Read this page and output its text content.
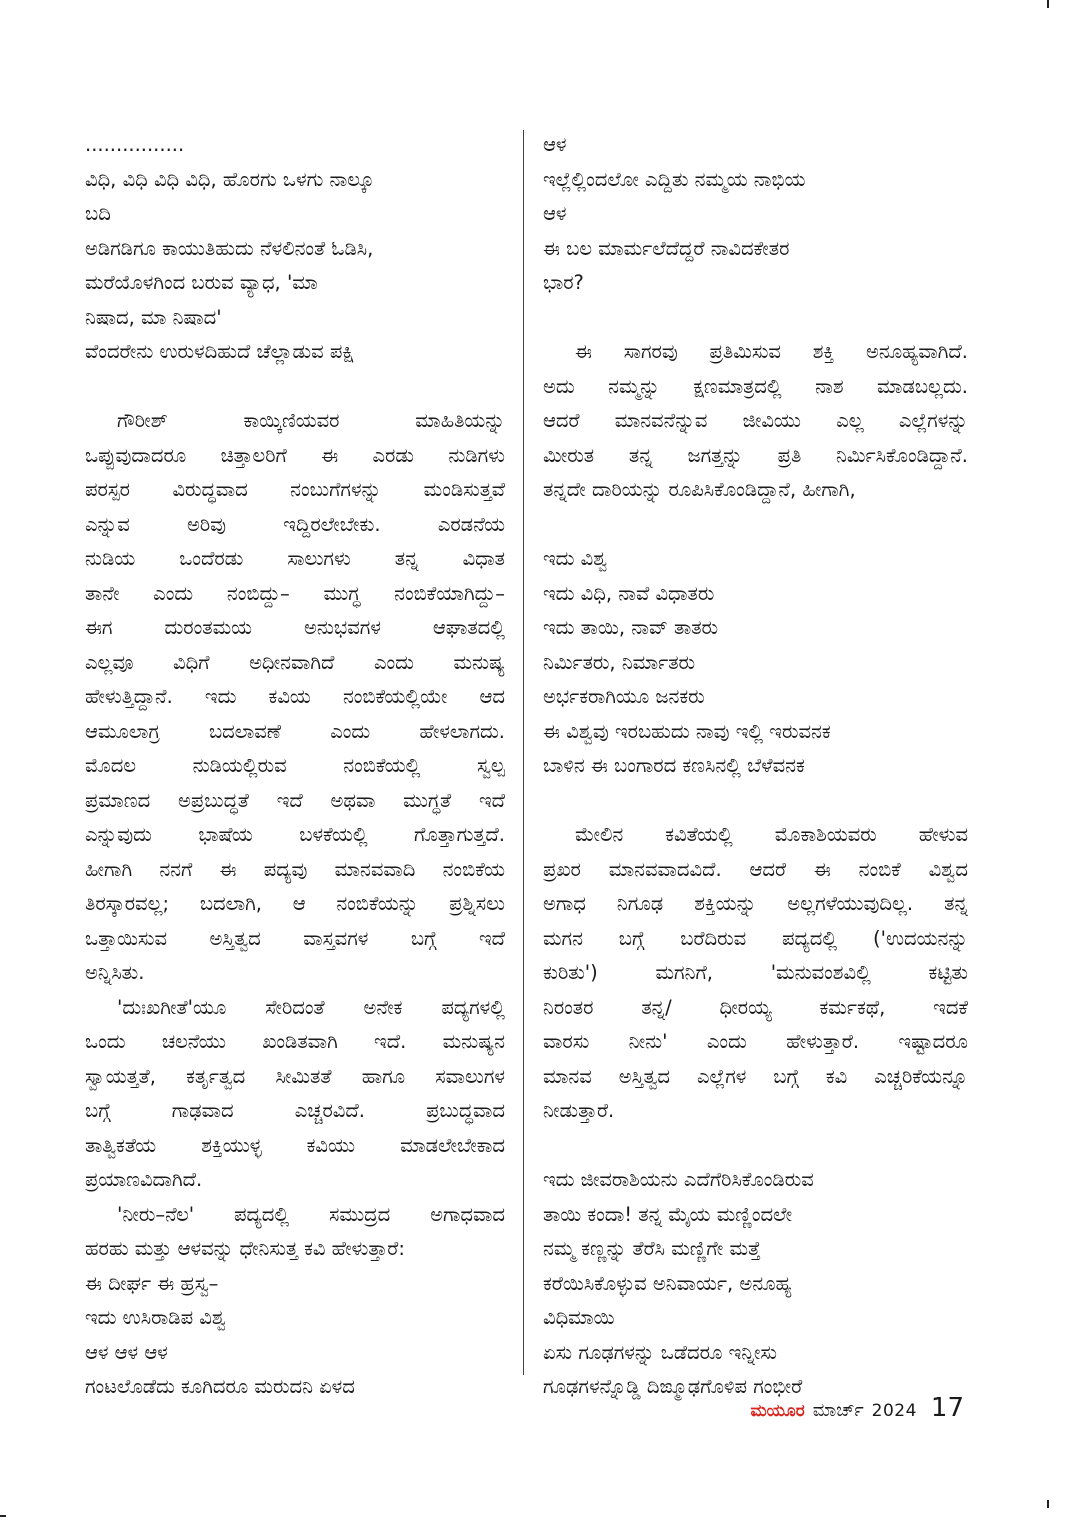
................
ವಿಧಿ, ವಿಧಿ ವಿಧಿ ವಿಧಿ, ಹೊರಗು ಒಳಗು ನಾಲ್ಕೂ
ಬದಿ
ಅಡಿಗಡಿಗೂ ಕಾಯುತಿಹುದು ನೆಳಲಿನಂತೆ ಓಡಿಸಿ,
ಮರೆಯೊಳಗಿಂದ ಬರುವ ವ್ಯಾಧ, 'ಮಾ
ನಿಷಾದ, ಮಾ ನಿಷಾದ'
ವೆಂದರೇನು ಉರುಳದಿಹುದೆ ಚೆಲ್ಲಾಡುವ ಪಕ್ಷಿ
ಗೌರೀಶ್ ಕಾಯ್ಕಿಣಿಯವರ ಮಾಹಿತಿಯನ್ನು
ಒಪ್ಪುವುದಾದರೂ ಚಿತ್ತಾಲರಿಗೆ ಈ ಎರಡು ನುಡಿಗಳು
ಪರಸ್ಪರ ವಿರುದ್ಧವಾದ ನಂಬುಗೆಗಳನ್ನು ಮಂಡಿಸುತ್ತವೆ
ಎನ್ನುವ ಅರಿವು ಇದ್ದಿರಲೇಬೇಕು. ಎರಡನೆಯ
ನುಡಿಯ ಒಂದೆರಡು ಸಾಲುಗಳು ತನ್ನ ವಿಧಾತ
ತಾನೇ ಎಂದು ನಂಬಿದ್ದು– ಮುಗ್ಧ ನಂಬಿಕೆಯಾಗಿದ್ದು–
ಈಗ ದುರಂತಮಯ ಅನುಭವಗಳ ಆಘಾತದಲ್ಲಿ
ಎಲ್ಲವೂ ವಿಧಿಗೆ ಅಧೀನವಾಗಿದೆ ಎಂದು ಮನುಷ್ಯ
ಹೇಳುತ್ತಿದ್ದಾನೆ. ಇದು ಕವಿಯ ನಂಬಿಕೆಯಲ್ಲಿಯೇ ಆದ
ಆಮೂಲಾಗ್ರ ಬದಲಾವಣೆ ಎಂದು ಹೇಳಲಾಗದು.
ಮೊದಲ ನುಡಿಯಲ್ಲಿರುವ ನಂಬಿಕೆಯಲ್ಲಿ ಸ್ವಲ್ಪ
ಪ್ರಮಾಣದ ಅಪ್ರಬುದ್ಧತೆ ಇದೆ ಅಥವಾ ಮುಗ್ಧತೆ ಇದೆ
ಎನ್ನುವುದು ಭಾಷೆಯ ಬಳಕೆಯಲ್ಲಿ ಗೊತ್ತಾಗುತ್ತದೆ.
ಹೀಗಾಗಿ ನನಗೆ ಈ ಪದ್ಯವು ಮಾನವವಾದಿ ನಂಬಿಕೆಯ
ತಿರಸ್ಕಾರವಲ್ಲ; ಬದಲಾಗಿ, ಆ ನಂಬಿಕೆಯನ್ನು ಪ್ರಶ್ನಿಸಲು
ಒತ್ತಾಯಿಸುವ ಅಸ್ತಿತ್ವದ ವಾಸ್ತವಗಳ ಬಗ್ಗೆ ಇದೆ
ಅನ್ನಿಸಿತು.
'ದುಃಖಗೀತೆ'ಯೂ ಸೇರಿದಂತೆ ಅನೇಕ ಪದ್ಯಗಳಲ್ಲಿ
ಒಂದು ಚಲನೆಯು ಖಂಡಿತವಾಗಿ ಇದೆ. ಮನುಷ್ಯನ
ಸ್ವಾಯತ್ತತೆ, ಕರ್ತೃತ್ವದ ಸೀಮಿತತೆ ಹಾಗೂ ಸವಾಲುಗಳ
ಬಗ್ಗೆ ಗಾಢವಾದ ಎಚ್ಚರವಿದೆ. ಪ್ರಬುದ್ಧವಾದ
ತಾತ್ವಿಕತೆಯ ಶಕ್ತಿಯುಳ್ಳ ಕವಿಯು ಮಾಡಲೇಬೇಕಾದ
ಪ್ರಯಾಣವಿದಾಗಿದೆ.
'ನೀರು–ನೆಲ' ಪದ್ಯದಲ್ಲಿ ಸಮುದ್ರದ ಅಗಾಧವಾದ
ಹರಹು ಮತ್ತು ಆಳವನ್ನು ಧೇನಿಸುತ್ತ ಕವಿ ಹೇಳುತ್ತಾರೆ:
ಈ ದೀರ್ಘ ಈ ಹ್ರಸ್ವ–
ಇದು ಉಸಿರಾಡಿಪ ವಿಶ್ವ
ಆಳ ಆಳ ಆಳ
ಗಂಟಲೊಡೆದು ಕೂಗಿದರೂ ಮರುದನಿ ಏಳದ
ಆಳ
ಇಲ್ಲೆಲ್ಲಿಂದಲೋ ಎದ್ದಿತು ನಮ್ಮಯ ನಾಭಿಯ
ಆಳ
ಈ ಬಲ ಮಾರ್ಮಲೆದೆದ್ದರೆ ನಾವಿದಕೇತರ
ಭಾರ?
ಈ ಸಾಗರವು ಪ್ರತಿಮಿಸುವ ಶಕ್ತಿ ಅನೂಹ್ಯವಾಗಿದೆ.
ಅದು ನಮ್ಮನ್ನು ಕ್ಷಣಮಾತ್ರದಲ್ಲಿ ನಾಶ ಮಾಡಬಲ್ಲದು.
ಆದರೆ ಮಾನವನೆನ್ನುವ ಜೀವಿಯು ಎಲ್ಲ ಎಲ್ಲೆಗಳನ್ನು
ಮೀರುತ ತನ್ನ ಜಗತ್ತನ್ನು ಪ್ರತಿ ನಿರ್ಮಿಸಿಕೊಂಡಿದ್ದಾನೆ.
ತನ್ನದೇ ದಾರಿಯನ್ನು ರೂಪಿಸಿಕೊಂಡಿದ್ದಾನೆ, ಹೀಗಾಗಿ,
ಇದು ವಿಶ್ವ
ಇದು ವಿಧಿ, ನಾವೆ ವಿಧಾತರು
ಇದು ತಾಯಿ, ನಾವ್ ತಾತರು
ನಿರ್ಮಿತರು, ನಿರ್ಮಾತರು
ಅರ್ಭಕರಾಗಿಯೂ ಜನಕರು
ಈ ವಿಶ್ವವು ಇರಬಹುದು ನಾವು ಇಲ್ಲಿ ಇರುವನಕ
ಬಾಳಿನ ಈ ಬಂಗಾರದ ಕಣಸಿನಲ್ಲಿ ಬೆಳೆವನಕ
ಮೇಲಿನ ಕವಿತೆಯಲ್ಲಿ ಮೊಕಾಶಿಯವರು ಹೇಳುವ
ಪ್ರಖರ ಮಾನವವಾದವಿದೆ. ಆದರೆ ಈ ನಂಬಿಕೆ ವಿಶ್ವದ
ಅಗಾಧ ನಿಗೂಢ ಶಕ್ತಿಯನ್ನು ಅಲ್ಲಗಳೆಯುವುದಿಲ್ಲ. ತನ್ನ
ಮಗನ ಬಗ್ಗೆ ಬರೆದಿರುವ ಪದ್ಯದಲ್ಲಿ ('ಉದಯನನ್ನು
ಕುರಿತು') ಮಗನಿಗೆ, 'ಮನುವಂಶವಿಲ್ಲಿ ಕಟ್ಟಿತು
ನಿರಂತರ ತನ್ನ/ ಧೀರಯ್ಯ ಕರ್ಮಕಥೆ, ಇದಕೆ
ವಾರಸು ನೀನು' ಎಂದು ಹೇಳುತ್ತಾರೆ. ಇಷ್ಟಾದರೂ
ಮಾನವ ಅಸ್ತಿತ್ವದ ಎಲ್ಲೆಗಳ ಬಗ್ಗೆ ಕವಿ ಎಚ್ಚರಿಕೆಯನ್ನೂ
ನೀಡುತ್ತಾರೆ.
ಇದು ಜೀವರಾಶಿಯನು ಎದೆಗೆರಿಸಿಕೊಂಡಿರುವ
ತಾಯಿ ಕಂದಾ! ತನ್ನ ಮೈಯ ಮಣ್ಣಿಂದಲೇ
ನಮ್ಮ ಕಣ್ಣನ್ನು ತೆರೆಸಿ ಮಣ್ಣಿಗೇ ಮತ್ತೆ
ಕರೆಯಿಸಿಕೊಳ್ಳುವ ಅನಿವಾರ್ಯ, ಅನೂಹ್ಯ
ವಿಧಿಮಾಯಿ
ಏಸು ಗೂಢಗಳನ್ನು ಒಡೆದರೂ ಇನ್ನೀಸು
ಗೂಢಗಳನ್ನೊಡ್ಡಿ ದಿಙ್ಮೂಢಗೊಳಿಪ ಗಂಭೀರೆ
ಮಯೂರ ಮಾರ್ಚ್ 2024 17
